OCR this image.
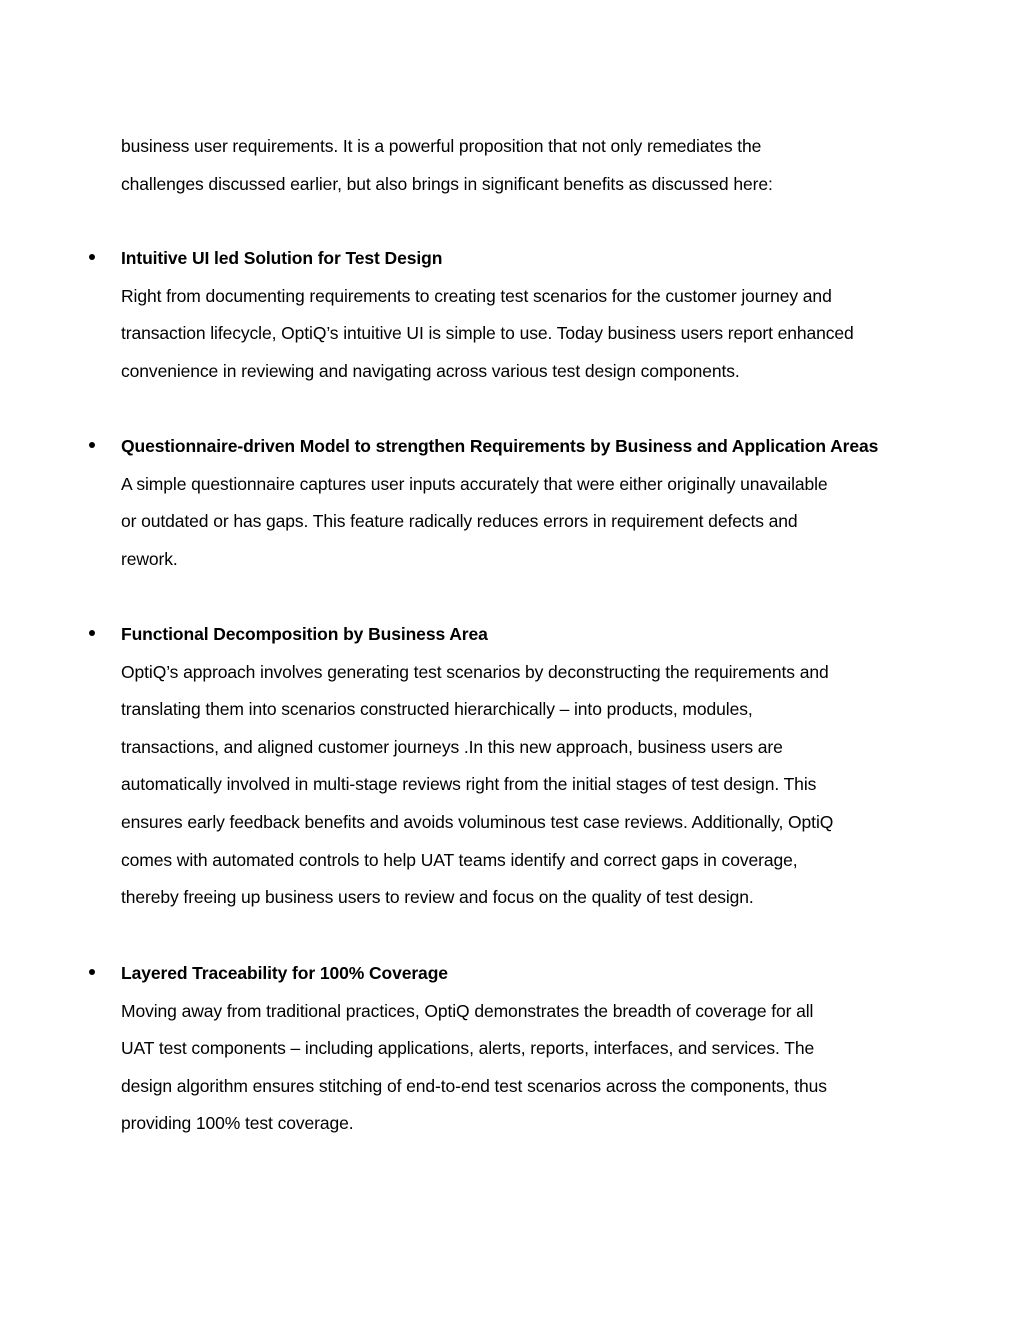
business user requirements. It is a powerful proposition that not only remediates the

challenges discussed earlier, but also brings in significant benefits as discussed here:

Intuitive UI led Solution for Test Design
Right from documenting requirements to creating test scenarios for the customer journey and
transaction lifecycle, OptiQ’s intuitive UI is simple to use. Today business users report enhanced
convenience in reviewing and navigating across various test design components.
Questionnaire-driven Model to strengthen Requirements by Business and Application Areas
A simple questionnaire captures user inputs accurately that were either originally unavailable
or outdated or has gaps. This feature radically reduces errors in requirement defects and
rework.
Functional Decomposition by Business Area
OptiQ’s approach involves generating test scenarios by deconstructing the requirements and
translating them into scenarios constructed hierarchically – into products, modules,
transactions, and aligned customer journeys .In this new approach, business users are
automatically involved in multi-stage reviews right from the initial stages of test design. This
ensures early feedback benefits and avoids voluminous test case reviews. Additionally, OptiQ
comes with automated controls to help UAT teams identify and correct gaps in coverage,
thereby freeing up business users to review and focus on the quality of test design.
Layered Traceability for 100% Coverage
Moving away from traditional practices, OptiQ demonstrates the breadth of coverage for all
UAT test components – including applications, alerts, reports, interfaces, and services. The
design algorithm ensures stitching of end-to-end test scenarios across the components, thus
providing 100% test coverage.
